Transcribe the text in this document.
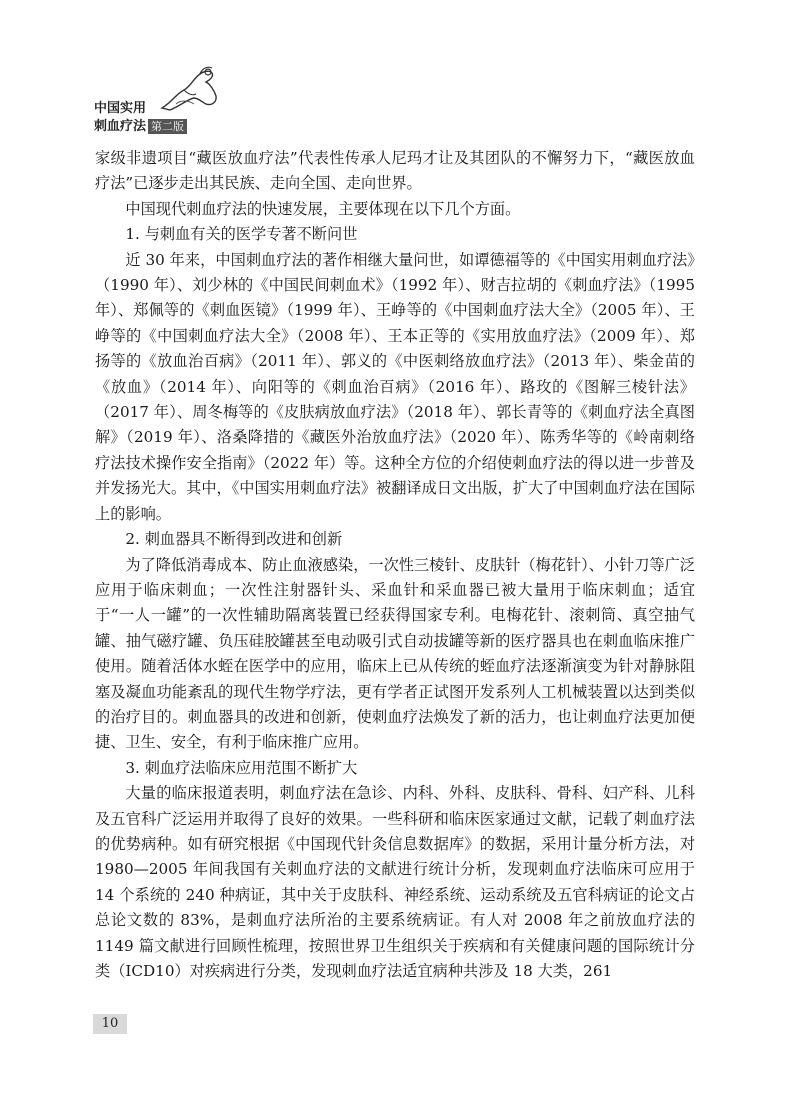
中国实用
刺血疗法 第二版

家级非遗项目“藏医放血疗法”代表性传承人尼玛才让及其团队的不懈努力下，“藏医放血疗法”已逐步走出其民族、走向全国、走向世界。

中国现代刺血疗法的快速发展，主要体现在以下几个方面。

1. 与刺血有关的医学专著不断问世

近 30 年来，中国刺血疗法的著作相继大量问世，如谭德福等的《中国实用刺血疗法》（1990 年）、刘少林的《中国民间刺血术》（1992 年）、财吉拉胡的《刺血疗法》（1995 年）、郑佩等的《刺血医镜》（1999 年）、王峥等的《中国刺血疗法大全》（2005 年）、王峥等的《中国刺血疗法大全》（2008 年）、王本正等的《实用放血疗法》（2009 年）、郑扬等的《放血治百病》（2011 年）、郭义的《中医刺络放血疗法》（2013 年）、柴金苗的《放血》（2014 年）、向阳等的《刺血治百病》（2016 年）、路玫的《图解三棱针法》（2017 年）、周冬梅等的《皮肤病放血疗法》（2018 年）、郭长青等的《刺血疗法全真图解》（2019 年）、洛桑降措的《藏医外治放血疗法》（2020 年）、陈秀华等的《岭南刺络疗法技术操作安全指南》（2022 年）等。这种全方位的介绍使刺血疗法的得以进一步普及并发扬光大。其中，《中国实用刺血疗法》被翻译成日文出版，扩大了中国刺血疗法在国际上的影响。

2. 刺血器具不断得到改进和创新

为了降低消毒成本、防止血液感染，一次性三棱针、皮肤针（梅花针）、小针刀等广泛应用于临床刺血；一次性注射器针头、采血针和采血器已被大量用于临床刺血；适宜于“一人一罐”的一次性辅助隔离装置已经获得国家专利。电梅花针、滚刺筒、真空抽气罐、抽气磁疗罐、负压硅胶罐甚至电动吸引式自动拔罐等新的医疗器具也在刺血临床推广使用。随着活体水蛭在医学中的应用，临床上已从传统的蛭血疗法逐渐演变为针对静脉阻塞及凝血功能紊乱的现代生物学疗法，更有学者正试图开发系列人工机械装置以达到类似的治疗目的。刺血器具的改进和创新，使刺血疗法焕发了新的活力，也让刺血疗法更加便捷、卫生、安全，有利于临床推广应用。

3. 刺血疗法临床应用范围不断扩大

大量的临床报道表明，刺血疗法在急诊、内科、外科、皮肤科、骨科、妇产科、儿科及五官科广泛运用并取得了良好的效果。一些科研和临床医家通过文献，记载了刺血疗法的优势病种。如有研究根据《中国现代针灸信息数据库》的数据，采用计量分析方法，对 1980—2005 年间我国有关刺血疗法的文献进行统计分析，发现刺血疗法临床可应用于 14 个系统的 240 种病证，其中关于皮肤科、神经系统、运动系统及五官科病证的论文占总论文数的 83%，是刺血疗法所治的主要系统病证。有人对 2008 年之前放血疗法的 1149 篇文献进行回顾性梳理，按照世界卫生组织关于疾病和有关健康问题的国际统计分类（ICD10）对疾病进行分类，发现刺血疗法适宜病种共涉及 18 大类，261

10
